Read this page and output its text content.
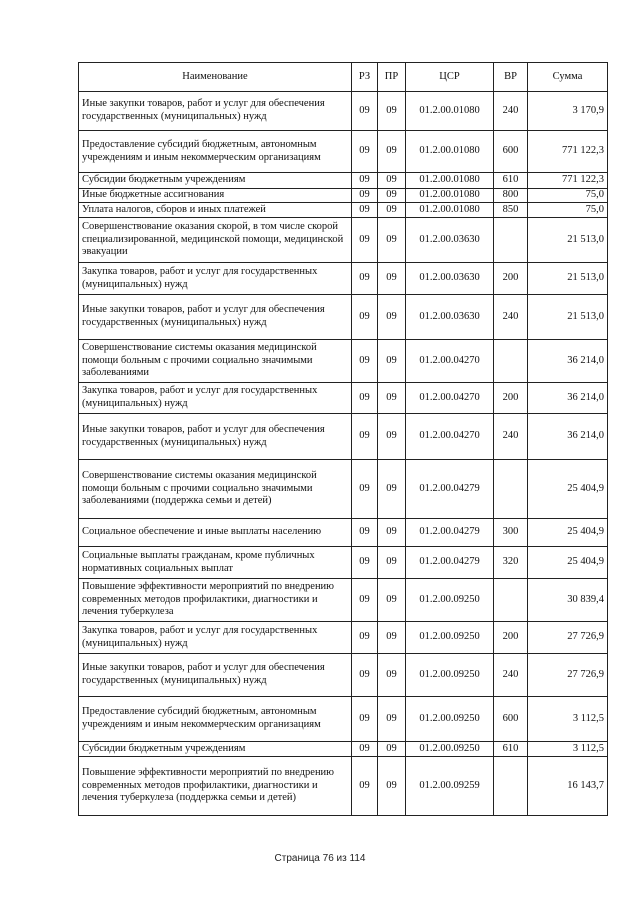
Наименование	РЗ	ПР	ЦСР	ВР	Сумма
Иные закупки товаров, работ и услуг для обеспечения государственных (муниципальных) нужд	09	09	01.2.00.01080	240	3 170,9
Предоставление субсидий бюджетным, автономным учреждениям и иным некоммерческим организациям	09	09	01.2.00.01080	600	771 122,3
Субсидии бюджетным учреждениям	09	09	01.2.00.01080	610	771 122,3
Иные бюджетные ассигнования	09	09	01.2.00.01080	800	75,0
Уплата налогов, сборов и иных платежей	09	09	01.2.00.01080	850	75,0
Совершенствование оказания скорой, в том числе скорой специализированной, медицинской помощи, медицинской эвакуации	09	09	01.2.00.03630		21 513,0
Закупка товаров, работ и услуг для государственных (муниципальных) нужд	09	09	01.2.00.03630	200	21 513,0
Иные закупки товаров, работ и услуг для обеспечения государственных (муниципальных) нужд	09	09	01.2.00.03630	240	21 513,0
Совершенствование системы оказания медицинской помощи больным с прочими социально значимыми заболеваниями	09	09	01.2.00.04270		36 214,0
Закупка товаров, работ и услуг для государственных (муниципальных) нужд	09	09	01.2.00.04270	200	36 214,0
Иные закупки товаров, работ и услуг для обеспечения государственных (муниципальных) нужд	09	09	01.2.00.04270	240	36 214,0
Совершенствование системы оказания медицинской помощи больным с прочими социально значимыми заболеваниями (поддержка семьи и детей)	09	09	01.2.00.04279		25 404,9
Социальное обеспечение и иные выплаты населению	09	09	01.2.00.04279	300	25 404,9
Социальные выплаты гражданам, кроме публичных нормативных социальных выплат	09	09	01.2.00.04279	320	25 404,9
Повышение эффективности мероприятий по внедрению современных методов профилактики, диагностики и лечения туберкулеза	09	09	01.2.00.09250		30 839,4
Закупка товаров, работ и услуг для государственных (муниципальных) нужд	09	09	01.2.00.09250	200	27 726,9
Иные закупки товаров, работ и услуг для обеспечения государственных (муниципальных) нужд	09	09	01.2.00.09250	240	27 726,9
Предоставление субсидий бюджетным, автономным учреждениям и иным некоммерческим организациям	09	09	01.2.00.09250	600	3 112,5
Субсидии бюджетным учреждениям	09	09	01.2.00.09250	610	3 112,5
Повышение эффективности мероприятий по внедрению современных методов профилактики, диагностики и лечения туберкулеза (поддержка семьи и детей)	09	09	01.2.00.09259		16 143,7
Страница 76 из 114
